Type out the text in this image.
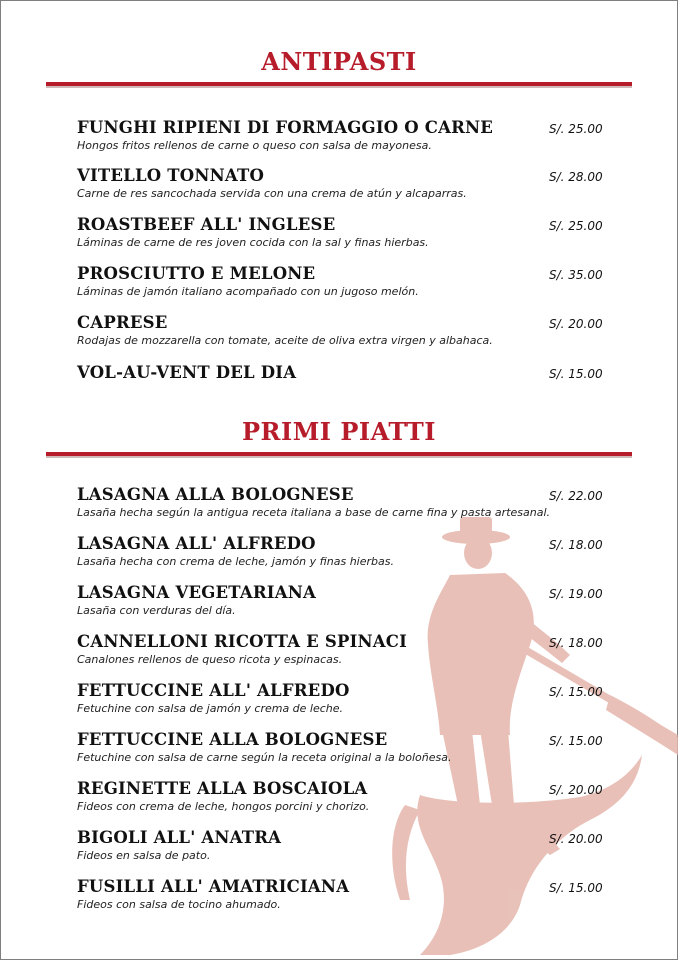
ANTIPASTI
FUNGHI RIPIENI DI FORMAGGIO O CARNE
Hongos fritos rellenos de carne o queso con salsa de mayonesa.
S/. 25.00
VITELLO TONNATO
Carne de res sancochada servida con una crema de atún y alcaparras.
S/. 28.00
ROASTBEEF ALL' INGLESE
Láminas de carne de res joven cocida con la sal y finas hierbas.
S/. 25.00
PROSCIUTTO E MELONE
Láminas de jamón italiano acompañado con un jugoso melón.
S/. 35.00
CAPRESE
Rodajas de mozzarella con tomate, aceite de oliva extra virgen y albahaca.
S/. 20.00
VOL-AU-VENT DEL DIA	S/. 15.00
PRIMI PIATTI
LASAGNA ALLA BOLOGNESE
Lasaña hecha según la antigua receta italiana a base de carne fina y pasta artesanal.
S/. 22.00
LASAGNA ALL' ALFREDO
Lasaña hecha con crema de leche, jamón y finas hierbas.
S/. 18.00
LASAGNA VEGETARIANA
Lasaña con verduras del día.
S/. 19.00
CANNELLONI RICOTTA E SPINACI
Canalones rellenos de queso ricota y espinacas.
S/. 18.00
FETTUCCINE ALL' ALFREDO
Fetuchine con salsa de jamón y crema de leche.
S/. 15.00
FETTUCCINE ALLA BOLOGNESE
Fetuchine con salsa de carne según la receta original a la boloñesa.
S/. 15.00
REGINETTE ALLA BOSCAIOLA
Fideos con crema de leche, hongos porcini y chorizo.
S/. 20.00
BIGOLI ALL' ANATRA
Fideos en salsa de pato.
S/. 20.00
FUSILLI ALL' AMATRICIANA
Fideos con salsa de tocino ahumado.
S/. 15.00
